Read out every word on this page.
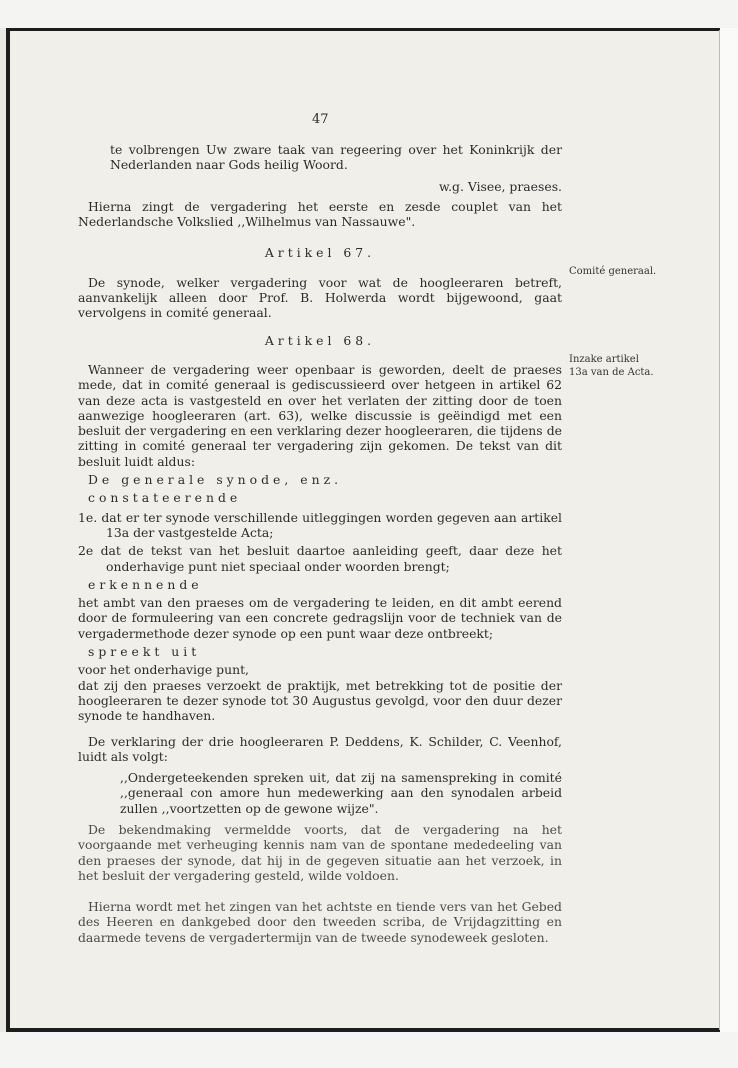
47

te volbrengen Uw zware taak van regeering over het Koninkrijk der Nederlanden naar Gods heilig Woord.

w.g. Visee, praeses.

Hierna zingt de vergadering het eerste en zesde couplet van het Nederlandsche Volkslied ,,Wilhelmus van Nassauwe".

Artikel 67.

De synode, welker vergadering voor wat de hoogleeraren betreft, aanvankelijk alleen door Prof. B. Holwerda wordt bijgewoond, gaat vervolgens in comité generaal.

Artikel 68.

Wanneer de vergadering weer openbaar is geworden, deelt de praeses mede, dat in comité generaal is gediscussieerd over hetgeen in artikel 62 van deze acta is vastgesteld en over het verlaten der zitting door de toen aanwezige hoogleeraren (art. 63), welke discussie is geëindigd met een besluit der vergadering en een verklaring dezer hoogleeraren, die tijdens de zitting in comité generaal ter vergadering zijn gekomen. De tekst van dit besluit luidt aldus:

De generale synode, enz.

constateerende

1e. dat er ter synode verschillende uitleggingen worden gegeven aan artikel 13a der vastgestelde Acta;

2e dat de tekst van het besluit daartoe aanleiding geeft, daar deze het onderhavige punt niet speciaal onder woorden brengt;

erkennende

het ambt van den praeses om de vergadering te leiden, en dit ambt eerend door de formuleering van een concrete gedragslijn voor de techniek van de vergadermethode dezer synode op een punt waar deze ontbreekt;

spreekt uit

voor het onderhavige punt,

dat zij den praeses verzoekt de praktijk, met betrekking tot de positie der hoogleeraren te dezer synode tot 30 Augustus gevolgd, voor den duur dezer synode te handhaven.

De verklaring der drie hoogleeraren P. Deddens, K. Schilder, C. Veenhof, luidt als volgt:

,,Ondergeteekenden spreken uit, dat zij na samenspreking in comité ,,generaal con amore hun medewerking aan den synodalen arbeid zullen ,,voortzetten op de gewone wijze".

De bekendmaking vermeldde voorts, dat de vergadering na het voorgaande met verheuging kennis nam van de spontane mededeeling van den praeses der synode, dat hij in de gegeven situatie aan het verzoek, in het besluit der vergadering gesteld, wilde voldoen.

Hierna wordt met het zingen van het achtste en tiende vers van het Gebed des Heeren en dankgebed door den tweeden scriba, de Vrijdagzitting en daarmede tevens de vergadertermijn van de tweede synodeweek gesloten.

Comité generaal.
Inzake artikel
13a van de Acta.
